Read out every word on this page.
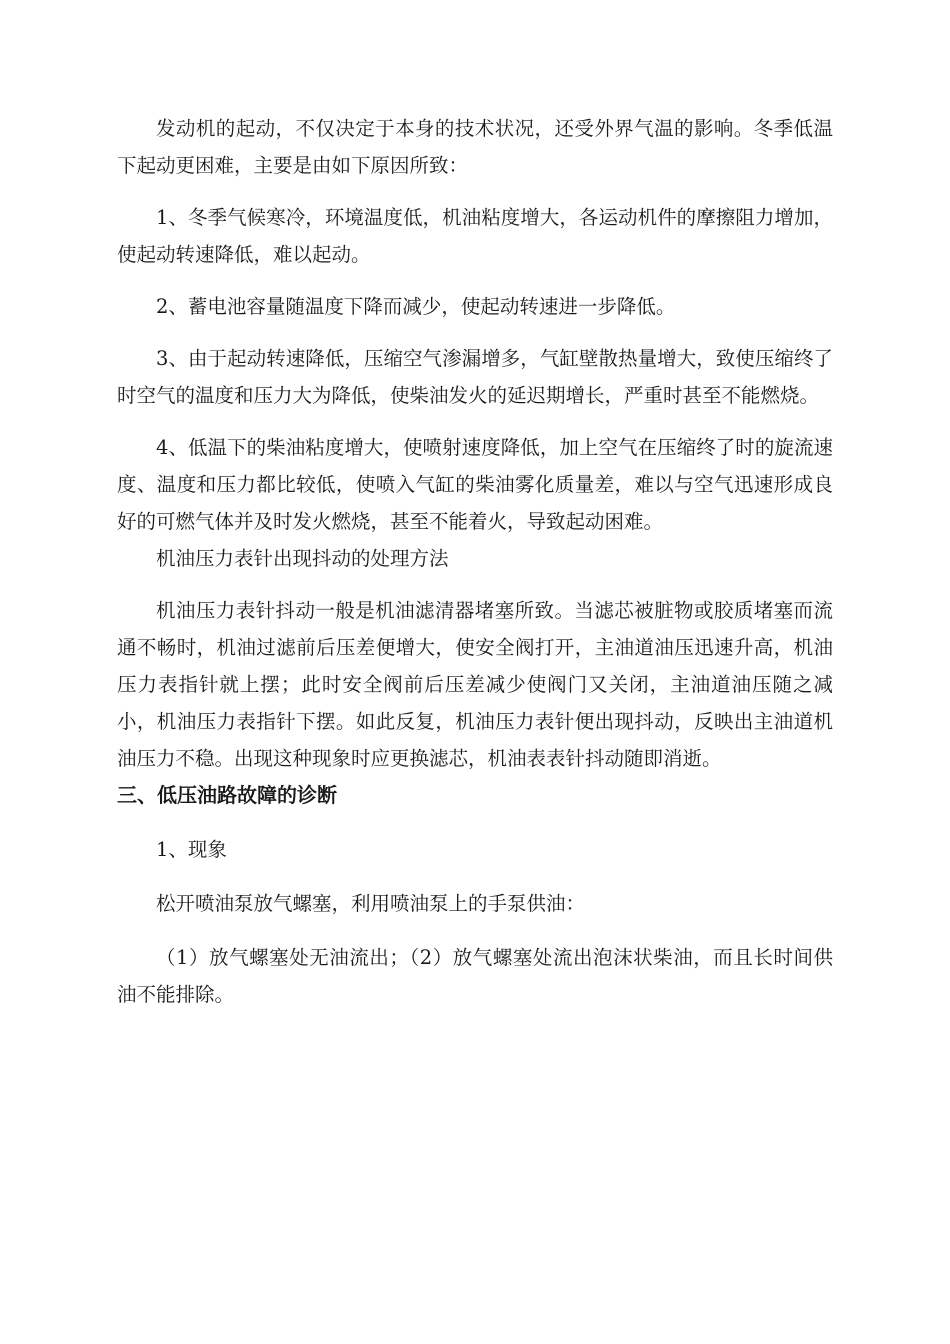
发动机的起动，不仅决定于本身的技术状况，还受外界气温的影响。冬季低温下起动更困难，主要是由如下原因所致：

1、冬季气候寒冷，环境温度低，机油粘度增大，各运动机件的摩擦阻力增加，使起动转速降低，难以起动。

2、蓄电池容量随温度下降而减少，使起动转速进一步降低。

3、由于起动转速降低，压缩空气渗漏增多，气缸壁散热量增大，致使压缩终了时空气的温度和压力大为降低，使柴油发火的延迟期增长，严重时甚至不能燃烧。

4、低温下的柴油粘度增大，使喷射速度降低，加上空气在压缩终了时的旋流速度、温度和压力都比较低，使喷入气缸的柴油雾化质量差，难以与空气迅速形成良好的可燃气体并及时发火燃烧，甚至不能着火，导致起动困难。

机油压力表针出现抖动的处理方法

机油压力表针抖动一般是机油滤清器堵塞所致。当滤芯被脏物或胶质堵塞而流通不畅时，机油过滤前后压差便增大，使安全阀打开，主油道油压迅速升高，机油压力表指针就上摆；此时安全阀前后压差减少使阀门又关闭，主油道油压随之减小，机油压力表指针下摆。如此反复，机油压力表针便出现抖动，反映出主油道机油压力不稳。出现这种现象时应更换滤芯，机油表表针抖动随即消逝。

三、低压油路故障的诊断

1、现象

松开喷油泵放气螺塞，利用喷油泵上的手泵供油：

（1）放气螺塞处无油流出；（2）放气螺塞处流出泡沫状柴油，而且长时间供油不能排除。
